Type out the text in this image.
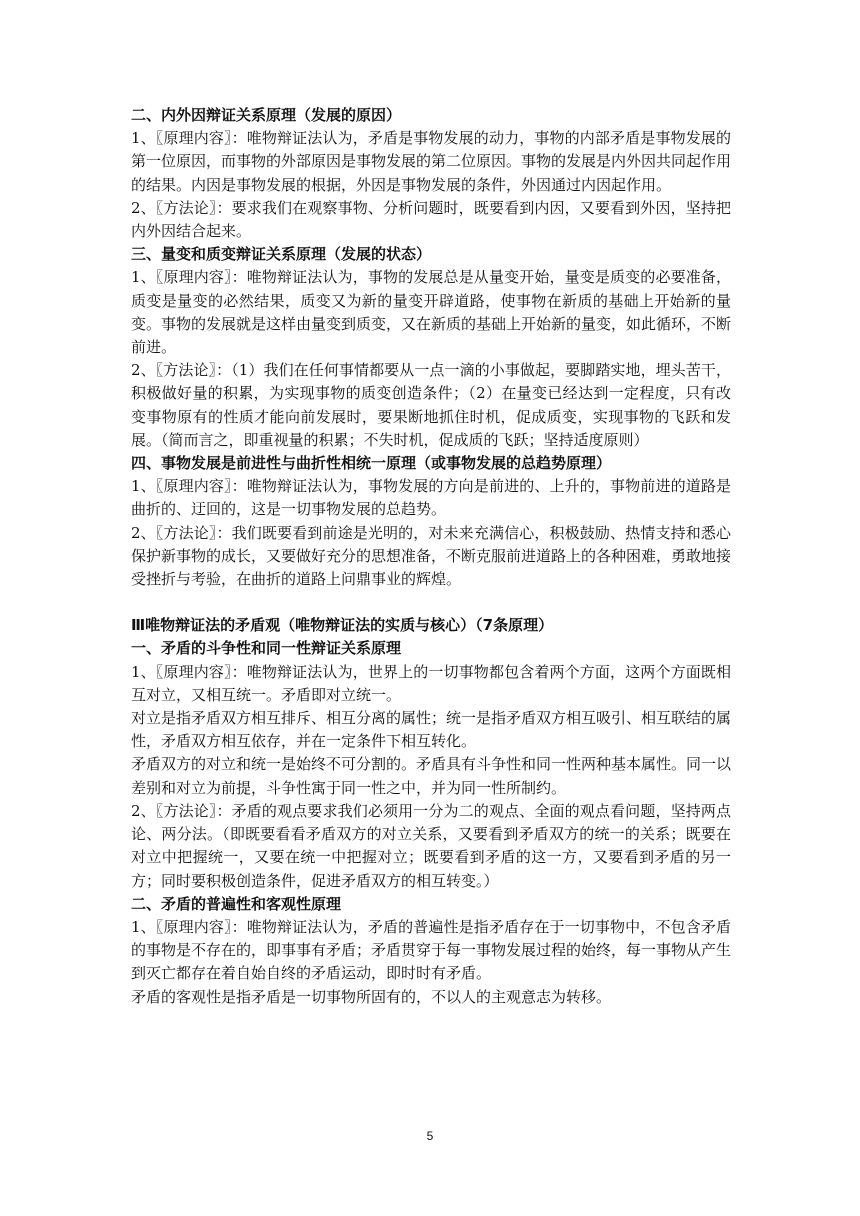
二、内外因辩证关系原理（发展的原因）

1、〖原理内容〗：唯物辩证法认为，矛盾是事物发展的动力，事物的内部矛盾是事物发展的第一位原因，而事物的外部原因是事物发展的第二位原因。事物的发展是内外因共同起作用的结果。内因是事物发展的根据，外因是事物发展的条件，外因通过内因起作用。

2、〖方法论〗：要求我们在观察事物、分析问题时，既要看到内因，又要看到外因，坚持把内外因结合起来。

三、量变和质变辩证关系原理（发展的状态）

1、〖原理内容〗：唯物辩证法认为，事物的发展总是从量变开始，量变是质变的必要准备，质变是量变的必然结果，质变又为新的量变开辟道路，使事物在新质的基础上开始新的量变。事物的发展就是这样由量变到质变，又在新质的基础上开始新的量变，如此循环，不断前进。

2、〖方法论〗：（1）我们在任何事情都要从一点一滴的小事做起，要脚踏实地，埋头苦干，积极做好量的积累，为实现事物的质变创造条件；（2）在量变已经达到一定程度，只有改变事物原有的性质才能向前发展时，要果断地抓住时机，促成质变，实现事物的飞跃和发展。（简而言之，即重视量的积累；不失时机，促成质的飞跃；坚持适度原则）

四、事物发展是前进性与曲折性相统一原理（或事物发展的总趋势原理）

1、〖原理内容〗：唯物辩证法认为，事物发展的方向是前进的、上升的，事物前进的道路是曲折的、迂回的，这是一切事物发展的总趋势。

2、〖方法论〗：我们既要看到前途是光明的，对未来充满信心，积极鼓励、热情支持和悉心保护新事物的成长，又要做好充分的思想准备，不断克服前进道路上的各种困难，勇敢地接受挫折与考验，在曲折的道路上问鼎事业的辉煌。

Ⅲ唯物辩证法的矛盾观（唯物辩证法的实质与核心）（7条原理）

一、矛盾的斗争性和同一性辩证关系原理

1、〖原理内容〗：唯物辩证法认为，世界上的一切事物都包含着两个方面，这两个方面既相互对立，又相互统一。矛盾即对立统一。

对立是指矛盾双方相互排斥、相互分离的属性；统一是指矛盾双方相互吸引、相互联结的属性，矛盾双方相互依存，并在一定条件下相互转化。

矛盾双方的对立和统一是始终不可分割的。矛盾具有斗争性和同一性两种基本属性。同一以差别和对立为前提，斗争性寓于同一性之中，并为同一性所制约。

2、〖方法论〗：矛盾的观点要求我们必须用一分为二的观点、全面的观点看问题，坚持两点论、两分法。（即既要看看矛盾双方的对立关系，又要看到矛盾双方的统一的关系；既要在对立中把握统一，又要在统一中把握对立；既要看到矛盾的这一方，又要看到矛盾的另一方；同时要积极创造条件，促进矛盾双方的相互转变。）

二、矛盾的普遍性和客观性原理

1、〖原理内容〗：唯物辩证法认为，矛盾的普遍性是指矛盾存在于一切事物中，不包含矛盾的事物是不存在的，即事事有矛盾；矛盾贯穿于每一事物发展过程的始终，每一事物从产生到灭亡都存在着自始自终的矛盾运动，即时时有矛盾。

矛盾的客观性是指矛盾是一切事物所固有的，不以人的主观意志为转移。

5
